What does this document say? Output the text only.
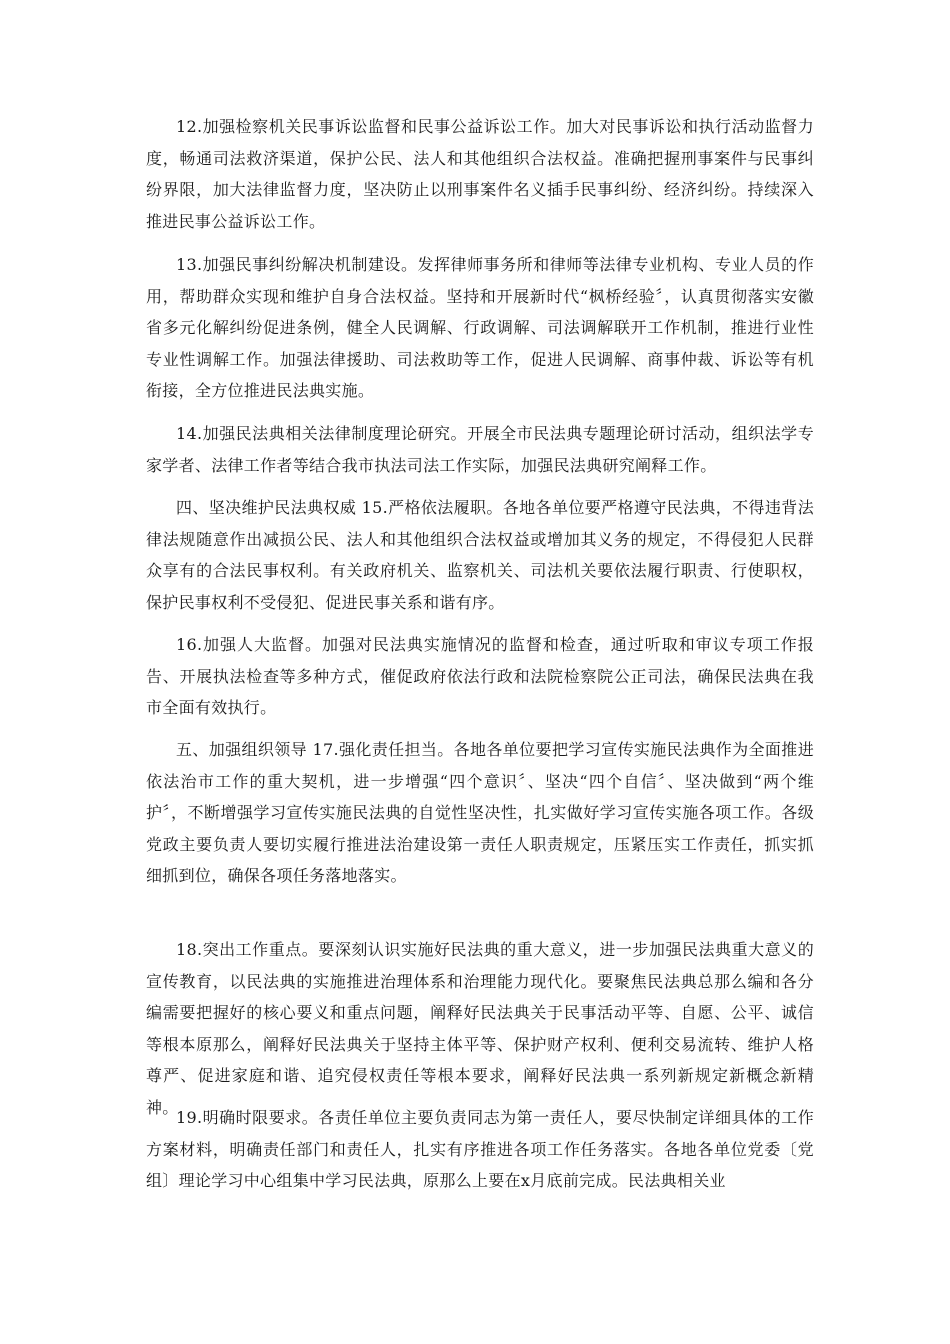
12.加强检察机关民事诉讼监督和民事公益诉讼工作。加大对民事诉讼和执行活动监督力度，畅通司法救济渠道，保护公民、法人和其他组织合法权益。准确把握刑事案件与民事纠纷界限，加大法律监督力度，坚决防止以刑事案件名义插手民事纠纷、经济纠纷。持续深入推进民事公益诉讼工作。

13.加强民事纠纷解决机制建设。发挥律师事务所和律师等法律专业机构、专业人员的作用，帮助群众实现和维护自身合法权益。坚持和开展新时代“枫桥经验〞，认真贯彻落实安徽省多元化解纠纷促进条例，健全人民调解、行政调解、司法调解联开工作机制，推进行业性专业性调解工作。加强法律援助、司法救助等工作，促进人民调解、商事仲裁、诉讼等有机衔接，全方位推进民法典实施。

14.加强民法典相关法律制度理论研究。开展全市民法典专题理论研讨活动，组织法学专家学者、法律工作者等结合我市执法司法工作实际，加强民法典研究阐释工作。

四、坚决维护民法典权威 15.严格依法履职。各地各单位要严格遵守民法典，不得违背法律法规随意作出减损公民、法人和其他组织合法权益或增加其义务的规定，不得侵犯人民群众享有的合法民事权利。有关政府机关、监察机关、司法机关要依法履行职责、行使职权，保护民事权利不受侵犯、促进民事关系和谐有序。

16.加强人大监督。加强对民法典实施情况的监督和检查，通过听取和审议专项工作报告、开展执法检查等多种方式，催促政府依法行政和法院检察院公正司法，确保民法典在我市全面有效执行。

五、加强组织领导 17.强化责任担当。各地各单位要把学习宣传实施民法典作为全面推进依法治市工作的重大契机，进一步增强“四个意识〞、坚决“四个自信〞、坚决做到“两个维护〞，不断增强学习宣传实施民法典的自觉性坚决性，扎实做好学习宣传实施各项工作。各级党政主要负责人要切实履行推进法治建设第一责任人职责规定，压紧压实工作责任，抓实抓细抓到位，确保各项任务落地落实。

18.突出工作重点。要深刻认识实施好民法典的重大意义，进一步加强民法典重大意义的宣传教育，以民法典的实施推进治理体系和治理能力现代化。要聚焦民法典总那么编和各分编需要把握好的核心要义和重点问题，阐释好民法典关于民事活动平等、自愿、公平、诚信等根本原那么，阐释好民法典关于坚持主体平等、保护财产权利、便利交易流转、维护人格尊严、促进家庭和谐、追究侵权责任等根本要求，阐释好民法典一系列新规定新概念新精神。

19.明确时限要求。各责任单位主要负责同志为第一责任人，要尽快制定详细具体的工作方案材料，明确责任部门和责任人，扎实有序推进各项工作任务落实。各地各单位党委〔党组〕理论学习中心组集中学习民法典，原那么上要在x月底前完成。民法典相关业
